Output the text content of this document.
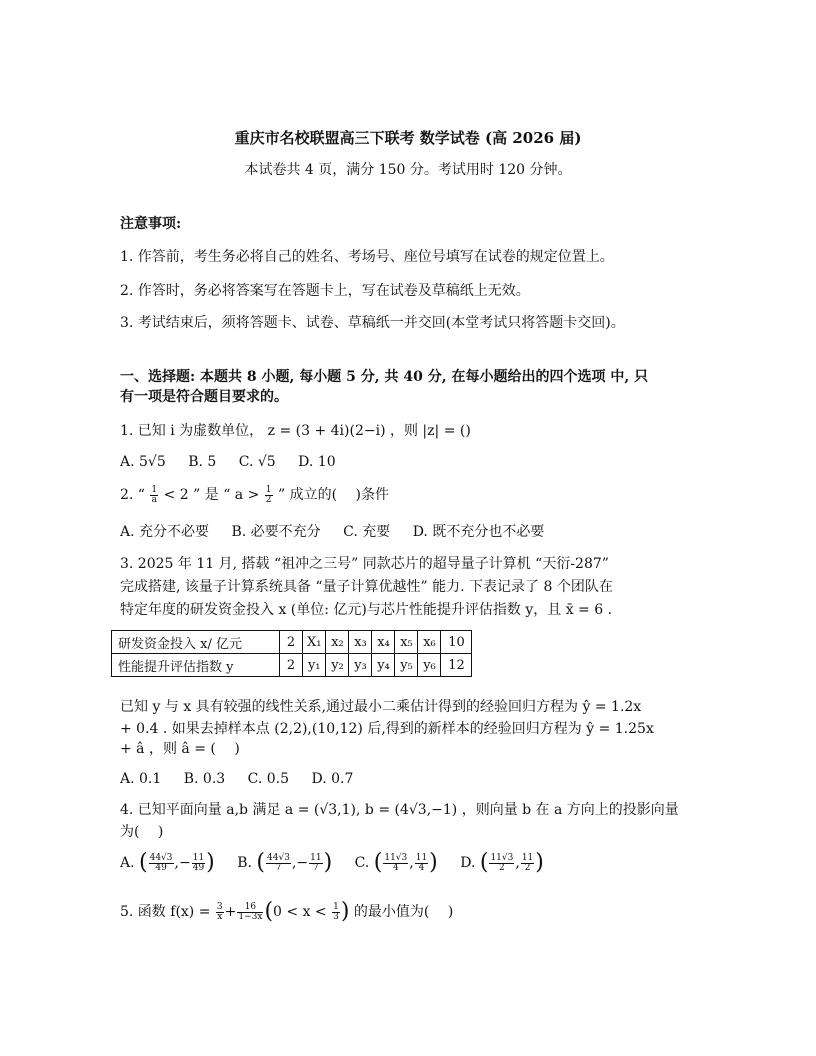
重庆市名校联盟高三下联考 数学试卷 (高 2026 届)
本试卷共 4 页，满分 150 分。考试用时 120 分钟。
注意事项:
1. 作答前，考生务必将自己的姓名、考场号、座位号填写在试卷的规定位置上。
2. 作答时，务必将答案写在答题卡上，写在试卷及草稿纸上无效。
3. 考试结束后，须将答题卡、试卷、草稿纸一并交回(本堂考试只将答题卡交回)。
一、选择题: 本题共 8 小题, 每小题 5 分, 共 40 分, 在每小题给出的四个选项 中, 只
有一项是符合题目要求的。
1. 已知 i 为虚数单位， z = (3 + 4i)(2−i) ，则 |z| = ()
A. 5√5 B. 5 C. √5 D. 10
2. “ $\frac{1}{a} < 2$ ” 是 “ $a > \frac{1}{2}$ ” 成立的(　 )条件
A. 充分不必要 B. 必要不充分 C. 充要 D. 既不充分也不必要
3. 2025 年 11 月, 搭载 “祖冲之三号” 同款芯片的超导量子计算机 “天衍-287”
完成搭建, 该量子计算系统具备 “量子计算优越性” 能力. 下表记录了 8 个团队在
特定年度的研发资金投入 x (单位: 亿元)与芯片性能提升评估指数 y，且 x̄ = 6 .
研发资金投入 x/ 亿元	2	X₁	x₂	x₃	x₄	x₅	x₆	10
性能提升评估指数 y	2	y₁	y₂	y₃	y₄	y₅	y₆	12
已知 y 与 x 具有较强的线性关系,通过最小二乘估计得到的经验回归方程为 ŷ = 1.2x
+ 0.4 . 如果去掉样本点 (2,2),(10,12) 后,得到的新样本的经验回归方程为 ŷ = 1.25x
+ â ，则 â = (　 )
A. 0.1 B. 0.3 C. 0.5 D. 0.7
4. 已知平面向量 a,b 满足 a = (√3,1), b = (4√3,−1) ，则向量 b 在 a 方向上的投影向量
为(　 )
A. ( $\frac{44√3}{49}$ ,− $\frac{11}{49}$ ) B. ( $\frac{44√3}{7}$ ,− $\frac{11}{7}$ ) C. ( $\frac{11√3}{4}$ , $\frac{11}{4}$ ) D. ( $\frac{11√3}{2}$ , $\frac{11}{2}$ )
5. 函数 $f(x) = \frac{3}{x} + \frac{16}{1-3x} (0 < x < \frac{1}{3}$ ) 的最小值为(　 )
